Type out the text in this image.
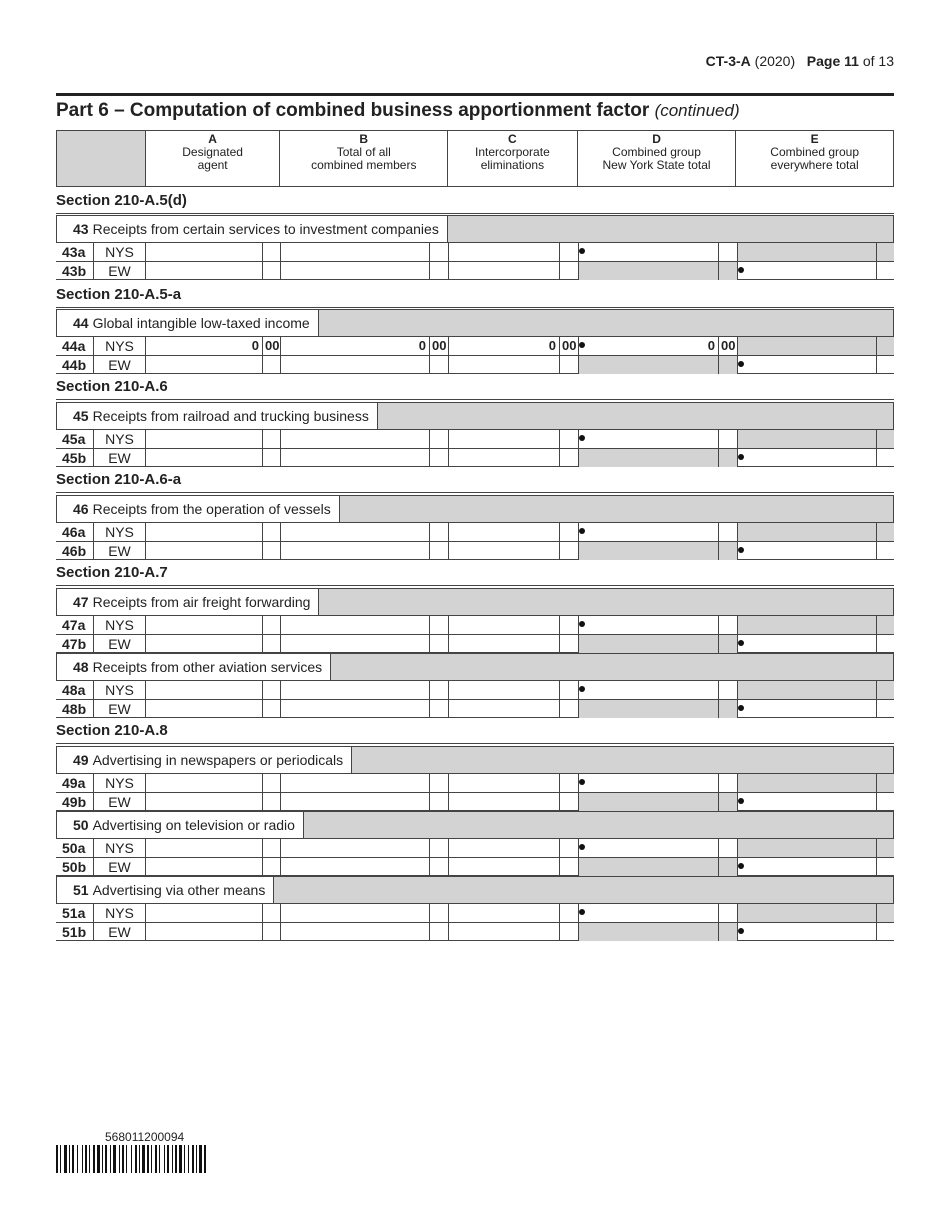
CT-3-A (2020) Page 11 of 13
Part 6 – Computation of combined business apportionment factor (continued)
A
Designated
agent
B
Total of all
combined members
C
Intercorporate
eliminations
D
Combined group
New York State total
E
Combined group
everywhere total
Section 210-A.5(d)
43 Receipts from certain services to investment companies
43a	NYS
43b	EW
Section 210-A.5-a
44 Global intangible low-taxed income
44a	NYS	0 00	0 00	0 00	0 00
44b	EW
Section 210-A.6
45 Receipts from railroad and trucking business
45a	NYS
45b	EW
Section 210-A.6-a
46 Receipts from the operation of vessels
46a	NYS
46b	EW
Section 210-A.7
47 Receipts from air freight forwarding
47a	NYS
47b	EW
48 Receipts from other aviation services
48a	NYS
48b	EW
Section 210-A.8
49 Advertising in newspapers or periodicals
49a	NYS
49b	EW
50 Advertising on television or radio
50a	NYS
50b	EW
51 Advertising via other means
51a	NYS
51b	EW
568011200094
